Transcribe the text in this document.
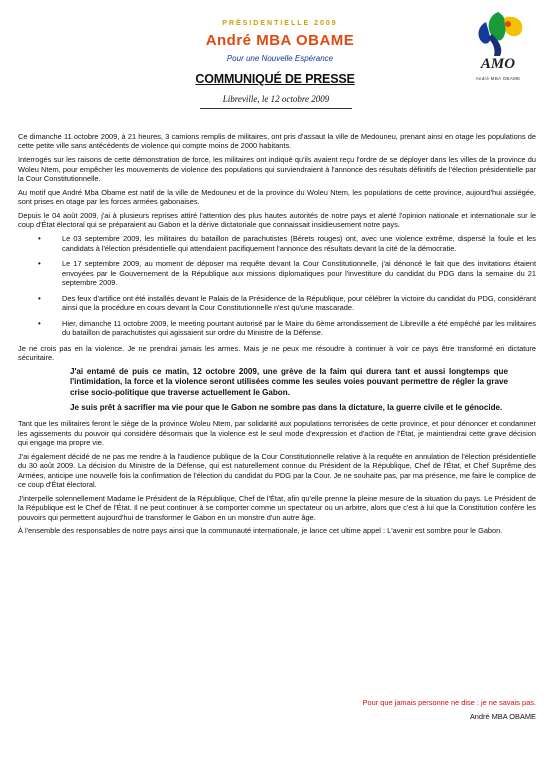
PRÉSIDENTIELLE 2009
André MBA OBAME
Pour une Nouvelle Espérance	AMO
André MBA OBAME
COMMUNIQUÉ DE PRESSE
Libreville, le 12 octobre 2009

Ce dimanche 11 octobre 2009, à 21 heures, 3 camions remplis de militaires, ont pris d'assaut la ville de Medouneu, prenant ainsi en otage les populations de cette petite ville sans antécédents de violence qui compte moins de 2000 habitants.

Interrogés sur les raisons de cette démonstration de force, les militaires ont indiqué qu'ils avaient reçu l'ordre de se déployer dans les villes de la province du Woleu Ntem, pour empêcher les mouvements de violence des populations qui surviendraient à l'annonce des résultats définitifs de l'élection présidentielle par la Cour Constitutionnelle.

Au motif que André Mba Obame est natif de la ville de Medouneu et de la province du Woleu Ntem, les populations de cette province, aujourd'hui assiégée, sont prises en otage par les forces armées gabonaises.

Depuis le 04 août 2009, j'ai à plusieurs reprises attiré l'attention des plus hautes autorités de notre pays et alerté l'opinion nationale et internationale sur le coup d'État électoral qui se préparaient au Gabon et la dérive dictatoriale que connaissait insidieusement notre pays.

• Le 03 septembre 2009, les militaires du bataillon de parachutistes (Bérets rouges) ont, avec une violence extrême, dispersé la foule et les candidats à l'élection présidentielle qui attendaient pacifiquement l'annonce des résultats devant la cité de la démocratie.
• Le 17 septembre 2009, au moment de déposer ma requête devant la Cour Constitutionnelle, j'ai dénoncé le fait que des invitations étaient envoyées par le Gouvernement de la République aux missions diplomatiques pour l'investiture du candidat du PDG dans la semaine du 21 septembre 2009.
• Des feux d'artifice ont été installés devant le Palais de la Présidence de la République, pour célébrer la victoire du candidat du PDG, considérant ainsi que la procédure en cours devant la Cour Constitutionnelle n'est qu'une mascarade.
• Hier, dimanche 11 octobre 2009, le meeting pourtant autorisé par le Maire du 6ème arrondissement de Libreville a été empêché par les militaires du bataillon de parachutistes qui agissaient sur ordre du Ministre de la Défense.

Je ne crois pas en la violence. Je ne prendrai jamais les armes. Mais je ne peux me résoudre à continuer à voir ce pays être transformé en dictature sécuritaire.

J'ai entamé de puis ce matin, 12 octobre 2009, une grève de la faim qui durera tant et aussi longtemps que l'intimidation, la force et la violence seront utilisées comme les seules voies pouvant permettre de régler la grave crise socio-politique que traverse actuellement le Gabon.

Je suis prêt à sacrifier ma vie pour que le Gabon ne sombre pas dans la dictature, la guerre civile et le génocide.

Tant que les militaires feront le siège de la province Woleu Ntem, par solidarité aux populations terrorisées de cette province, et pour dénoncer et condamner les agissements du pouvoir qui considère désormais que la violence est le seul mode d'expression et d'action de l'État, je maintiendrai cette grave décision qui engage ma propre vie.

J'ai également décidé de ne pas me rendre à la l'audience publique de la Cour Constitutionnelle relative à la requête en annulation de l'élection présidentielle du 30 août 2009. La décision du Ministre de la Défense, qui est naturellement connue du Président de la République, Chef de l'État, et Chef Suprême des Armées, anticipe une nouvelle fois la confirmation de l'élection du candidat du PDG par la Cour. Je ne souhaite pas, par ma présence, me faire le complice de ce coup d'État électoral.

J'interpelle solennellement Madame le Président de la République, Chef de l'État, afin qu'elle prenne la pleine mesure de la situation du pays. Le Président de la République est le Chef de l'État. Il ne peut continuer à se comporter comme un spectateur ou un arbitre, alors que c'est à lui que la Constitution confère les pouvoirs qui permettent aujourd'hui de transformer le Gabon en un monstre d'un autre âge.

À l'ensemble des responsables de notre pays ainsi que la communauté internationale, je lance cet ultime appel : L'avenir est sombre pour le Gabon.

Pour que jamais personne ne dise : je ne savais pas.
André MBA OBAME
